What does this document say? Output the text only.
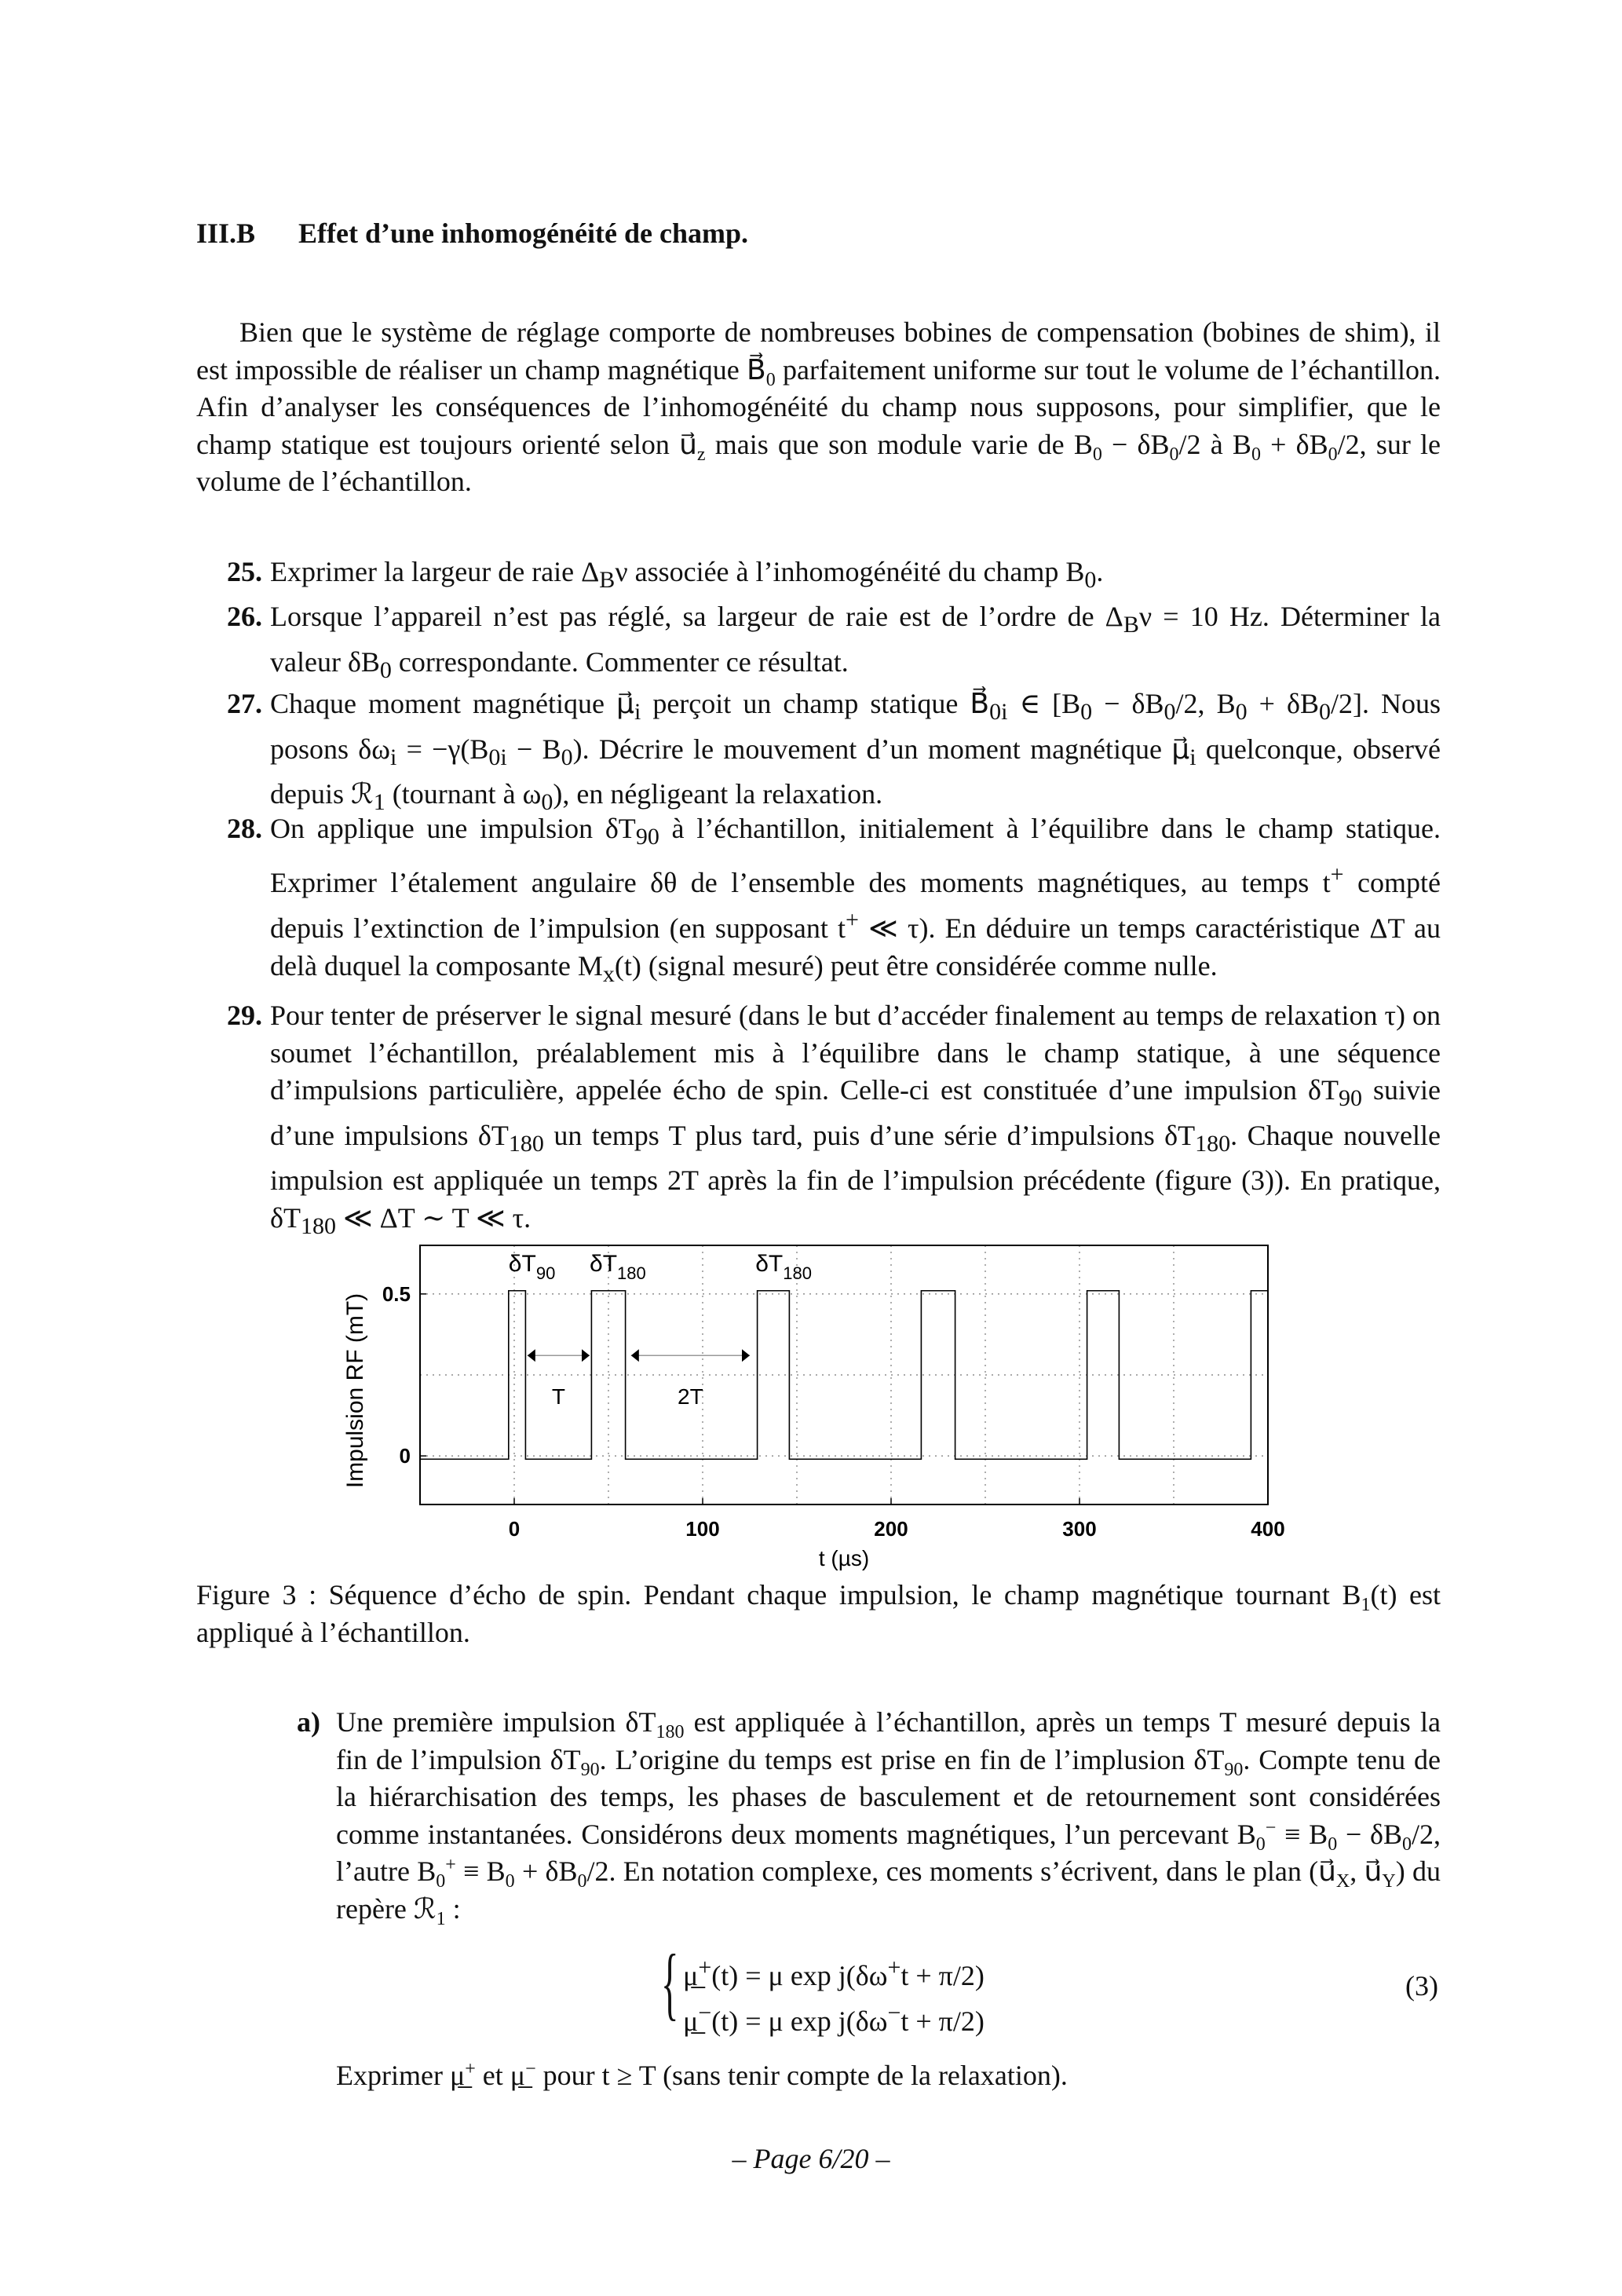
III.B Effet d’une inhomogénéité de champ.
Bien que le système de réglage comporte de nombreuses bobines de compensation (bobines de shim), il est impossible de réaliser un champ magnétique $B⃗_0$ parfaitement uniforme sur tout le volume de l’échantillon. Afin d’analyser les conséquences de l’inhomogénéité du champ nous supposons, pour simplifier, que le champ statique est toujours orienté selon $u⃗_z$ mais que son module varie de $B_0 - \delta B_0/2$ à $B_0 + \delta B_0/2$, sur le volume de l’échantillon.
25. Exprimer la largeur de raie $\Delta_B\nu$ associée à l’inhomogénéité du champ $B_0$.
26. Lorsque l’appareil n’est pas réglé, sa largeur de raie est de l’ordre de $\Delta_B\nu = 10$ Hz. Déterminer la valeur $\delta B_0$ correspondante. Commenter ce résultat.
27. Chaque moment magnétique $\mu⃗_i$ perçoit un champ statique $B⃗_{0i}$ ∈ [$B_0 - \delta B_0/2$, $B_0 + \delta B_0/2$]. Nous posons $\delta\omega_i = -\gamma(B_{0i} - B_0)$. Décrire le mouvement d’un moment magnétique $\mu⃗_i$ quelconque, observé depuis ℛ$_1$ (tournant à $\omega_0$), en négligeant la relaxation.
28. On applique une impulsion $\delta T_{90}$ à l’échantillon, initialement à l’équilibre dans le champ statique. Exprimer l’étalement angulaire δθ de l’ensemble des moments magnétiques, au temps t+ compté depuis l’extinction de l’impulsion (en supposant t+ ≪ τ). En déduire un temps caractéristique ΔT au delà duquel la composante $M_x(t)$ (signal mesuré) peut être considérée comme nulle.
29. Pour tenter de préserver le signal mesuré (dans le but d’accéder finalement au temps de relaxation τ) on soumet l’échantillon, préalablement mis à l’équilibre dans le champ statique, à une séquence d’impulsions particulière, appelée écho de spin. Celle-ci est constituée d’une impulsion $\delta T_{90}$ suivie d’une impulsions $\delta T_{180}$ un temps T plus tard, puis d’une série d’impulsions $\delta T_{180}$. Chaque nouvelle impulsion est appliquée un temps 2T après la fin de l’impulsion précédente (figure (3)). En pratique, $\delta T_{180}$ ≪ ΔT ∼ T ≪ τ.
0	100	200	300	400
0
0.5
$\delta T_{90}$ $\delta T_{180}$	$\delta T_{180}$
T	2T
t (µs)
Impulsion RF (mT)
Figure 3 : Séquence d’écho de spin. Pendant chaque impulsion, le champ magnétique tournant $B_1(t)$ est appliqué à l’échantillon.
a) Une première impulsion $\delta T_{180}$ est appliquée à l’échantillon, après un temps T mesuré depuis la fin de l’impulsion $\delta T_{90}$. L’origine du temps est prise en fin de l’implusion $\delta T_{90}$. Compte tenu de la hiérarchisation des temps, les phases de basculement et de retournement sont considérées comme instantanées. Considérons deux moments magnétiques, l’un percevant $B_0^- \equiv B_0 - \delta B_0/2$, l’autre $B_0^+ \equiv B_0 + \delta B_0/2$. En notation complexe, ces moments s’écrivent, dans le plan ($u⃗_X$, $u⃗_Y$) du repère ℛ$_1$ :
{ μ̲+(t) = μ exp j(δω+t + π/2)
μ̲−(t) = μ exp j(δω−t + π/2)
(3)
Exprimer μ̲+ et μ̲− pour t ≥ T (sans tenir compte de la relaxation).
– Page 6/20 –
